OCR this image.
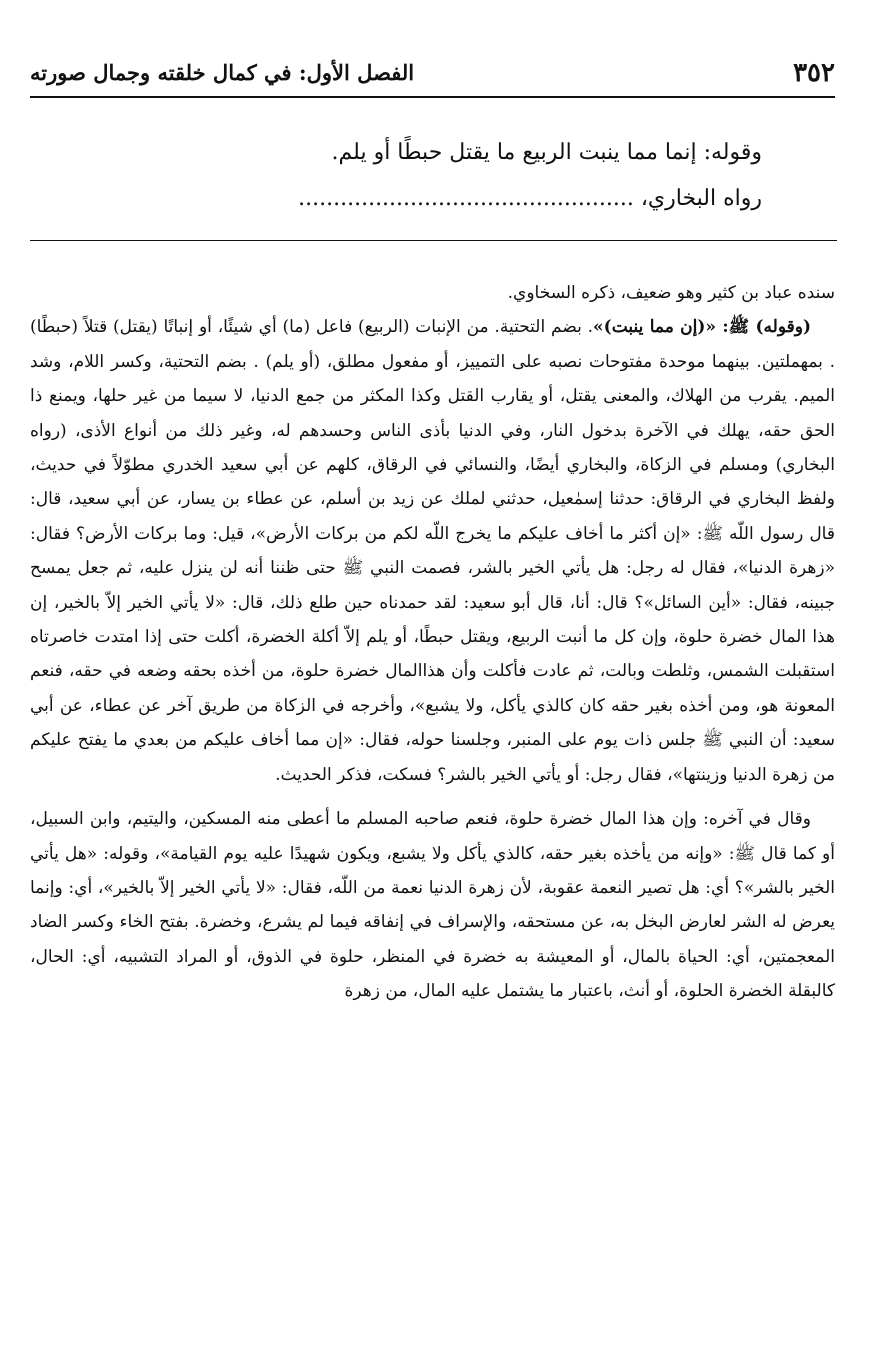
٣٥٢
الفصل الأول: في كمال خلقته وجمال صورته
وقوله: إنما مما ينبت الربيع ما يقتل حبطًا أو يلم.
رواه البخاري، ................................................

سنده عباد بن كثير وهو ضعيف، ذكره السخاوي.

(وقوله) ﷺ: «(إن مما ينبت)». بضم التحتية. من الإنبات (الربيع) فاعل (ما) أي شيئًا، أو إنباتًا (يقتل) قتلاً (حبطًا) . بمهملتين. بينهما موحدة مفتوحات نصبه على التمييز، أو مفعول مطلق، (أو يلم) . بضم التحتية، وكسر اللام، وشد الميم. يقرب من الهلاك، والمعنى يقتل، أو يقارب القتل وكذا المكثر من جمع الدنيا، لا سيما من غير حلها، ويمنع ذا الحق حقه، يهلك في الآخرة بدخول النار، وفي الدنيا بأذى الناس وحسدهم له، وغير ذلك من أنواع الأذى، (رواه البخاري) ومسلم في الزكاة، والبخاري أيضًا، والنسائي في الرقاق، كلهم عن أبي سعيد الخدري مطوّلاً في حديث، ولفظ البخاري في الرقاق: حدثنا إسمٰعيل، حدثني لملك عن زيد بن أسلم، عن عطاء بن يسار، عن أبي سعيد، قال: قال رسول اللّه ﷺ: «إن أكثر ما أخاف عليكم ما يخرج اللّه لكم من بركات الأرض»، قيل: وما بركات الأرض؟ فقال: «زهرة الدنيا»، فقال له رجل: هل يأتي الخير بالشر، فصمت النبي ﷺ حتى ظننا أنه لن ينزل عليه، ثم جعل يمسح جبينه، فقال: «أين السائل»؟ قال: أنا، قال أبو سعيد: لقد حمدناه حين طلع ذلك، قال: «لا يأتي الخير إلاّ بالخير، إن هذا المال خضرة حلوة، وإن كل ما أنبت الربيع، ويقتل حبطًا، أو يلم إلاّ أكلة الخضرة، أكلت حتى إذا امتدت خاصرتاه استقبلت الشمس، وثلطت وبالت، ثم عادت فأكلت وأن هذاالمال خضرة حلوة، من أخذه بحقه وضعه في حقه، فنعم المعونة هو، ومن أخذه بغير حقه كان كالذي يأكل، ولا يشبع»، وأخرجه في الزكاة من طريق آخر عن عطاء، عن أبي سعيد: أن النبي ﷺ جلس ذات يوم على المنبر، وجلسنا حوله، فقال: «إن مما أخاف عليكم من بعدي ما يفتح عليكم من زهرة الدنيا وزينتها»، فقال رجل: أو يأتي الخير بالشر؟ فسكت، فذكر الحديث.

وقال في آخره: وإن هذا المال خضرة حلوة، فنعم صاحبه المسلم ما أعطى منه المسكين، واليتيم، وابن السبيل، أو كما قال ﷺ: «وإنه من يأخذه بغير حقه، كالذي يأكل ولا يشبع، ويكون شهيدًا عليه يوم القيامة»، وقوله: «هل يأتي الخير بالشر»؟ أي: هل تصير النعمة عقوبة، لأن زهرة الدنيا نعمة من اللّه، فقال: «لا يأتي الخير إلاّ بالخير»، أي: وإنما يعرض له الشر لعارض البخل به، عن مستحقه، والإسراف في إنفاقه فيما لم يشرع، وخضرة. بفتح الخاء وكسر الضاد المعجمتين، أي: الحياة بالمال، أو المعيشة به خضرة في المنظر، حلوة في الذوق، أو المراد التشبيه، أي: الحال، كالبقلة الخضرة الحلوة، أو أنث، باعتبار ما يشتمل عليه المال، من زهرة
